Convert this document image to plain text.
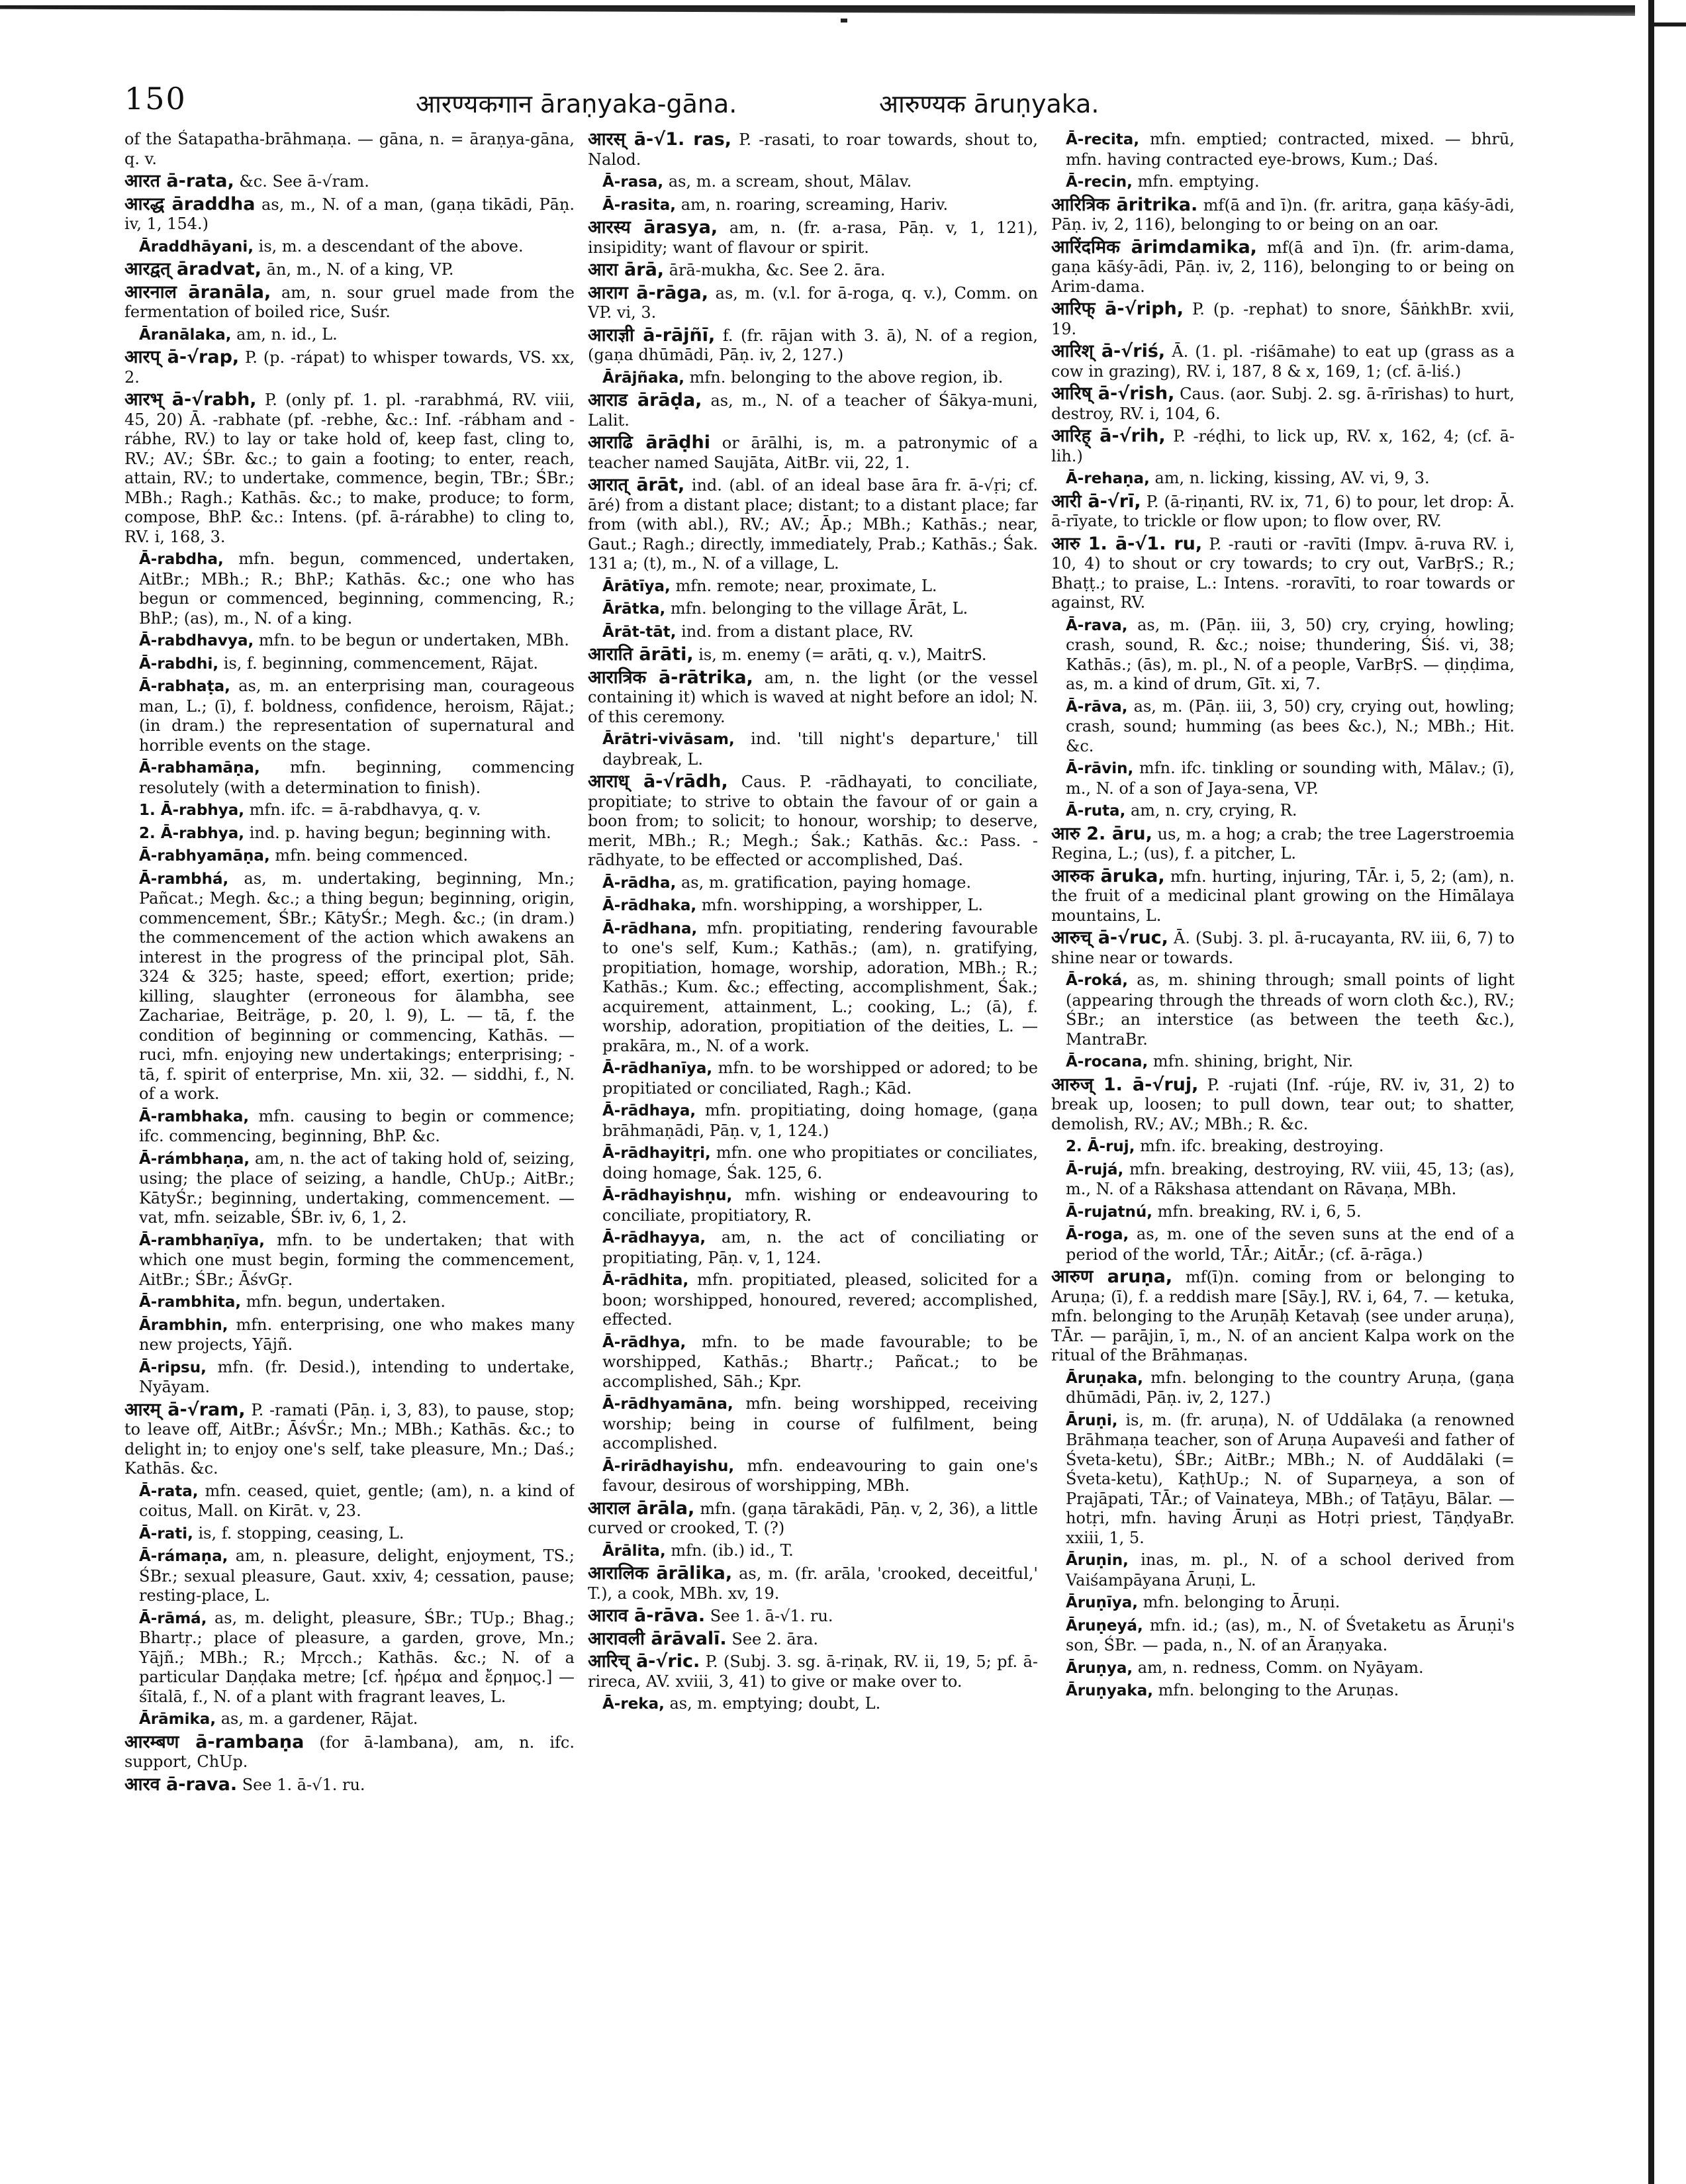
150	आरण्यकगान āraṇyaka-gāna.	आरुण्यक āruṇyaka.

of the Śatapatha-brāhmaṇa. — gāna, n. = āraṇya-gāna, q. v.

आरत ā-rata, &c. See ā-√ram.

आरद्ध āraddha as, m., N. of a man, (gaṇa tikādi, Pāṇ. iv, 1, 154.)

Āraddhāyani, is, m. a descendant of the above.

आरद्वत् āradvat, ān, m., N. of a king, VP.

आरनाल āranāla, am, n. sour gruel made from the fermentation of boiled rice, Suśr.

Āranālaka, am, n. id., L.

आरप् ā-√rap, P. (p. -rápat) to whisper towards, VS. xx, 2.

आरभ् ā-√rabh, P. (only pf. 1. pl. -rarabhmá, RV. viii, 45, 20) Ā. -rabhate (pf. -rebhe, &c.: Inf. -rábham and -rábhe, RV.) to lay or take hold of, keep fast, cling to, RV.; AV.; ŚBr. &c.; to gain a footing; to enter, reach, attain, RV.; to undertake, commence, begin, TBr.; ŚBr.; MBh.; Ragh.; Kathās. &c.; to make, produce; to form, compose, BhP. &c.: Intens. (pf. ā-rárabhe) to cling to, RV. i, 168, 3.

Ā-rabdha, mfn. begun, commenced, undertaken, AitBr.; MBh.; R.; BhP.; Kathās. &c.; one who has begun or commenced, beginning, commencing, R.; BhP.; (as), m., N. of a king.

Ā-rabdhavya, mfn. to be begun or undertaken, MBh.

Ā-rabdhi, is, f. beginning, commencement, Rājat.

Ā-rabhaṭa, as, m. an enterprising man, courageous man, L.; (ī), f. boldness, confidence, heroism, Rājat.; (in dram.) the representation of supernatural and horrible events on the stage.

Ā-rabhamāṇa, mfn. beginning, commencing resolutely (with a determination to finish).

1. Ā-rabhya, mfn. ifc. = ā-rabdhavya, q. v.

2. Ā-rabhya, ind. p. having begun; beginning with.

Ā-rabhyamāṇa, mfn. being commenced.

Ā-rambhá, as, m. undertaking, beginning, Mn.; Pañcat.; Megh. &c.; a thing begun; beginning, origin, commencement, ŚBr.; KātyŚr.; Megh. &c.; (in dram.) the commencement of the action which awakens an interest in the progress of the principal plot, Sāh. 324 & 325; haste, speed; effort, exertion; pride; killing, slaughter (erroneous for ālambha, see Zachariae, Beiträge, p. 20, l. 9), L. — tā, f. the condition of beginning or commencing, Kathās. — ruci, mfn. enjoying new undertakings; enterprising; -tā, f. spirit of enterprise, Mn. xii, 32. — siddhi, f., N. of a work.

Ā-rambhaka, mfn. causing to begin or commence; ifc. commencing, beginning, BhP. &c.

Ā-rámbhaṇa, am, n. the act of taking hold of, seizing, using; the place of seizing, a handle, ChUp.; AitBr.; KātyŚr.; beginning, undertaking, commencement. — vat, mfn. seizable, ŚBr. iv, 6, 1, 2.

Ā-rambhaṇīya, mfn. to be undertaken; that with which one must begin, forming the commencement, AitBr.; ŚBr.; ĀśvGṛ.

Ā-rambhita, mfn. begun, undertaken.

Ārambhin, mfn. enterprising, one who makes many new projects, Yājñ.

Ā-ripsu, mfn. (fr. Desid.), intending to undertake, Nyāyam.

आरम् ā-√ram, P. -ramati (Pāṇ. i, 3, 83), to pause, stop; to leave off, AitBr.; ĀśvŚr.; Mn.; MBh.; Kathās. &c.; to delight in; to enjoy one's self, take pleasure, Mn.; Daś.; Kathās. &c.

Ā-rata, mfn. ceased, quiet, gentle; (am), n. a kind of coitus, Mall. on Kirāt. v, 23.

Ā-rati, is, f. stopping, ceasing, L.

Ā-rámaṇa, am, n. pleasure, delight, enjoyment, TS.; ŚBr.; sexual pleasure, Gaut. xxiv, 4; cessation, pause; resting-place, L.

Ā-rāmá, as, m. delight, pleasure, ŚBr.; TUp.; Bhag.; Bhartṛ.; place of pleasure, a garden, grove, Mn.; Yājñ.; MBh.; R.; Mṛcch.; Kathās. &c.; N. of a particular Daṇḍaka metre; [cf. ἠρέμα and ἔρημος.] — śītalā, f., N. of a plant with fragrant leaves, L.

Ārāmika, as, m. a gardener, Rājat.

आरम्बण ā-rambaṇa (for ā-lambana), am, n. ifc. support, ChUp.

आरव ā-rava. See 1. ā-√1. ru.

आरस् ā-√1. ras, P. -rasati, to roar towards, shout to, Nalod.

Ā-rasa, as, m. a scream, shout, Mālav.

Ā-rasita, am, n. roaring, screaming, Hariv.

आरस्य ārasya, am, n. (fr. a-rasa, Pāṇ. v, 1, 121), insipidity; want of flavour or spirit.

आरा ārā, ārā-mukha, &c. See 2. āra.

आराग ā-rāga, as, m. (v.l. for ā-roga, q. v.), Comm. on VP. vi, 3.

आराज्ञी ā-rājñī, f. (fr. rājan with 3. ā), N. of a region, (gaṇa dhūmādi, Pāṇ. iv, 2, 127.)

Ārājñaka, mfn. belonging to the above region, ib.

आराड ārāḍa, as, m., N. of a teacher of Śākya-muni, Lalit.

आराढि ārāḍhi or ārālhi, is, m. a patronymic of a teacher named Saujāta, AitBr. vii, 22, 1.

आरात् ārāt, ind. (abl. of an ideal base āra fr. ā-√ṛi; cf. āré) from a distant place; distant; to a distant place; far from (with abl.), RV.; AV.; Āp.; MBh.; Kathās.; near, Gaut.; Ragh.; directly, immediately, Prab.; Kathās.; Śak. 131 a; (t), m., N. of a village, L.

Ārātīya, mfn. remote; near, proximate, L.

Ārātka, mfn. belonging to the village Ārāt, L.

Ārāt-tāt, ind. from a distant place, RV.

आराति ārāti, is, m. enemy (= arāti, q. v.), MaitrS.

आरात्रिक ā-rātrika, am, n. the light (or the vessel containing it) which is waved at night before an idol; N. of this ceremony.

Ārātri-vivāsam, ind. 'till night's departure,' till daybreak, L.

आराध् ā-√rādh, Caus. P. -rādhayati, to conciliate, propitiate; to strive to obtain the favour of or gain a boon from; to solicit; to honour, worship; to deserve, merit, MBh.; R.; Megh.; Śak.; Kathās. &c.: Pass. -rādhyate, to be effected or accomplished, Daś.

Ā-rādha, as, m. gratification, paying homage.

Ā-rādhaka, mfn. worshipping, a worshipper, L.

Ā-rādhana, mfn. propitiating, rendering favourable to one's self, Kum.; Kathās.; (am), n. gratifying, propitiation, homage, worship, adoration, MBh.; R.; Kathās.; Kum. &c.; effecting, accomplishment, Śak.; acquirement, attainment, L.; cooking, L.; (ā), f. worship, adoration, propitiation of the deities, L. — prakāra, m., N. of a work.

Ā-rādhanīya, mfn. to be worshipped or adored; to be propitiated or conciliated, Ragh.; Kād.

Ā-rādhaya, mfn. propitiating, doing homage, (gaṇa brāhmaṇādi, Pāṇ. v, 1, 124.)

Ā-rādhayitṛi, mfn. one who propitiates or conciliates, doing homage, Śak. 125, 6.

Ā-rādhayishṇu, mfn. wishing or endeavouring to conciliate, propitiatory, R.

Ā-rādhayya, am, n. the act of conciliating or propitiating, Pāṇ. v, 1, 124.

Ā-rādhita, mfn. propitiated, pleased, solicited for a boon; worshipped, honoured, revered; accomplished, effected.

Ā-rādhya, mfn. to be made favourable; to be worshipped, Kathās.; Bhartṛ.; Pañcat.; to be accomplished, Sāh.; Kpr.

Ā-rādhyamāna, mfn. being worshipped, receiving worship; being in course of fulfilment, being accomplished.

Ā-rirādhayishu, mfn. endeavouring to gain one's favour, desirous of worshipping, MBh.

आराल ārāla, mfn. (gaṇa tārakādi, Pāṇ. v, 2, 36), a little curved or crooked, T. (?)

Ārālita, mfn. (ib.) id., T.

आरालिक ārālika, as, m. (fr. arāla, 'crooked, deceitful,' T.), a cook, MBh. xv, 19.

आराव ā-rāva. See 1. ā-√1. ru.

आरावली ārāvalī. See 2. āra.

आरिच् ā-√ric. P. (Subj. 3. sg. ā-riṇak, RV. ii, 19, 5; pf. ā-rireca, AV. xviii, 3, 41) to give or make over to.

Ā-reka, as, m. emptying; doubt, L.

Ā-recita, mfn. emptied; contracted, mixed. — bhrū, mfn. having contracted eye-brows, Kum.; Daś.

Ā-recin, mfn. emptying.

आरित्रिक āritrika. mf(ā and ī)n. (fr. aritra, gaṇa kāśy-ādi, Pāṇ. iv, 2, 116), belonging to or being on an oar.

आरिंदमिक ārimdamika, mf(ā and ī)n. (fr. arim-dama, gaṇa kāśy-ādi, Pāṇ. iv, 2, 116), belonging to or being on Arim-dama.

आरिफ् ā-√riph, P. (p. -rephat) to snore, ŚāṅkhBr. xvii, 19.

आरिश् ā-√riś, Ā. (1. pl. -riśāmahe) to eat up (grass as a cow in grazing), RV. i, 187, 8 & x, 169, 1; (cf. ā-liś.)

आरिष् ā-√rish, Caus. (aor. Subj. 2. sg. ā-rīrishas) to hurt, destroy, RV. i, 104, 6.

आरिह् ā-√rih, P. -réḍhi, to lick up, RV. x, 162, 4; (cf. ā-lih.)

Ā-rehaṇa, am, n. licking, kissing, AV. vi, 9, 3.

आरी ā-√rī, P. (ā-riṇanti, RV. ix, 71, 6) to pour, let drop: Ā. ā-rīyate, to trickle or flow upon; to flow over, RV.

आरु 1. ā-√1. ru, P. -rauti or -ravīti (Impv. ā-ruva RV. i, 10, 4) to shout or cry towards; to cry out, VarBṛS.; R.; Bhaṭṭ.; to praise, L.: Intens. -roravīti, to roar towards or against, RV.

Ā-rava, as, m. (Pāṇ. iii, 3, 50) cry, crying, howling; crash, sound, R. &c.; noise; thundering, Śiś. vi, 38; Kathās.; (ās), m. pl., N. of a people, VarBṛS. — ḍiṇḍima, as, m. a kind of drum, Gīt. xi, 7.

Ā-rāva, as, m. (Pāṇ. iii, 3, 50) cry, crying out, howling; crash, sound; humming (as bees &c.), N.; MBh.; Hit. &c.

Ā-rāvin, mfn. ifc. tinkling or sounding with, Mālav.; (ī), m., N. of a son of Jaya-sena, VP.

Ā-ruta, am, n. cry, crying, R.

आरु 2. āru, us, m. a hog; a crab; the tree Lagerstroemia Regina, L.; (us), f. a pitcher, L.

आरुक āruka, mfn. hurting, injuring, TĀr. i, 5, 2; (am), n. the fruit of a medicinal plant growing on the Himālaya mountains, L.

आरुच् ā-√ruc, Ā. (Subj. 3. pl. ā-rucayanta, RV. iii, 6, 7) to shine near or towards.

Ā-roká, as, m. shining through; small points of light (appearing through the threads of worn cloth &c.), RV.; ŚBr.; an interstice (as between the teeth &c.), MantraBr.

Ā-rocana, mfn. shining, bright, Nir.

आरुज् 1. ā-√ruj, P. -rujati (Inf. -rúje, RV. iv, 31, 2) to break up, loosen; to pull down, tear out; to shatter, demolish, RV.; AV.; MBh.; R. &c.

2. Ā-ruj, mfn. ifc. breaking, destroying.

Ā-rujá, mfn. breaking, destroying, RV. viii, 45, 13; (as), m., N. of a Rākshasa attendant on Rāvaṇa, MBh.

Ā-rujatnú, mfn. breaking, RV. i, 6, 5.

Ā-roga, as, m. one of the seven suns at the end of a period of the world, TĀr.; AitĀr.; (cf. ā-rāga.)

आरुण aruṇa, mf(ī)n. coming from or belonging to Aruṇa; (ī), f. a reddish mare [Sāy.], RV. i, 64, 7. — ketuka, mfn. belonging to the Aruṇāḥ Ketavaḥ (see under aruṇa), TĀr. — parājin, ī, m., N. of an ancient Kalpa work on the ritual of the Brāhmaṇas.

Āruṇaka, mfn. belonging to the country Aruṇa, (gaṇa dhūmādi, Pāṇ. iv, 2, 127.)

Āruṇi, is, m. (fr. aruṇa), N. of Uddālaka (a renowned Brāhmaṇa teacher, son of Aruṇa Aupaveśi and father of Śveta-ketu), ŚBr.; AitBr.; MBh.; N. of Auddālaki (= Śveta-ketu), KaṭhUp.; N. of Suparṇeya, a son of Prajāpati, TĀr.; of Vainateya, MBh.; of Taṭāyu, Bālar. — hotṛi, mfn. having Āruṇi as Hotṛi priest, TāṇḍyaBr. xxiii, 1, 5.

Āruṇin, inas, m. pl., N. of a school derived from Vaiśampāyana Āruṇi, L.

Āruṇīya, mfn. belonging to Āruṇi.

Āruṇeyá, mfn. id.; (as), m., N. of Śvetaketu as Āruṇi's son, ŚBr. — pada, n., N. of an Āraṇyaka.

Āruṇya, am, n. redness, Comm. on Nyāyam.

Āruṇyaka, mfn. belonging to the Aruṇas.
